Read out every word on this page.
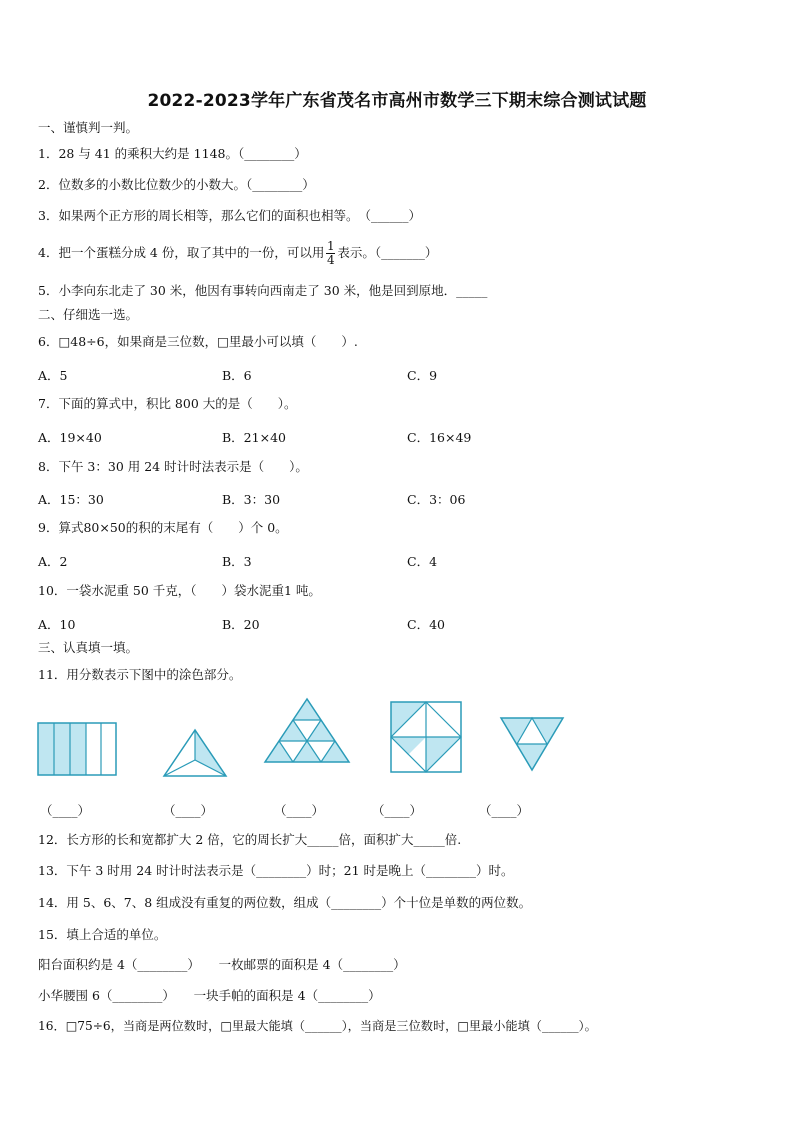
2022-2023学年广东省茂名市高州市数学三下期末综合测试试题
一、谨慎判一判。
1．28 与 41 的乘积大约是 1148。（________）
2．位数多的小数比位数少的小数大。（________）
3．如果两个正方形的周长相等，那么它们的面积也相等。　（______）
4．把一个蛋糕分成 4 份，取了其中的一份，可以用 $\frac{1}{4}$ 表示。（_______）
5．小李向东北走了 30 米，他因有事转向西南走了 30 米，他是回到原地．_____
二、仔细选一选。
6．□48÷6，如果商是三位数，□里最小可以填（　　）.
A．5	B．6	C．9
7．下面的算式中，积比 800 大的是（　　）。
A．19×40	B．21×40	C．16×49
8．下午 3：30 用 24 时计时法表示是（　　）。
A．15：30	B．3：30	C．3：06
9．算式80×50的积的末尾有（　　）个 0。
A．2	B．3	C．4
10．一袋水泥重 50 千克，（　　）袋水泥重1 吨。
A．10	B．20	C．40
三、认真填一填。
11．用分数表示下图中的涂色部分。
（____）	（____）	（____）	（____）	（____）
12．长方形的长和宽都扩大 2 倍，它的周长扩大_____倍，面积扩大_____倍.
13．下午 3 时用 24 时计时法表示是（________）时；21 时是晚上（________）时。
14．用 5、6、7、8 组成没有重复的两位数，组成（________）个十位是单数的两位数。
15．填上合适的单位。
阳台面积约是 4（________）　　一枚邮票的面积是 4（________）
小华腰围 6（________）　　一块手帕的面积是 4（________）
16．□75÷6，当商是两位数时，□里最大能填（______），当商是三位数时，□里最小能填（______）。
